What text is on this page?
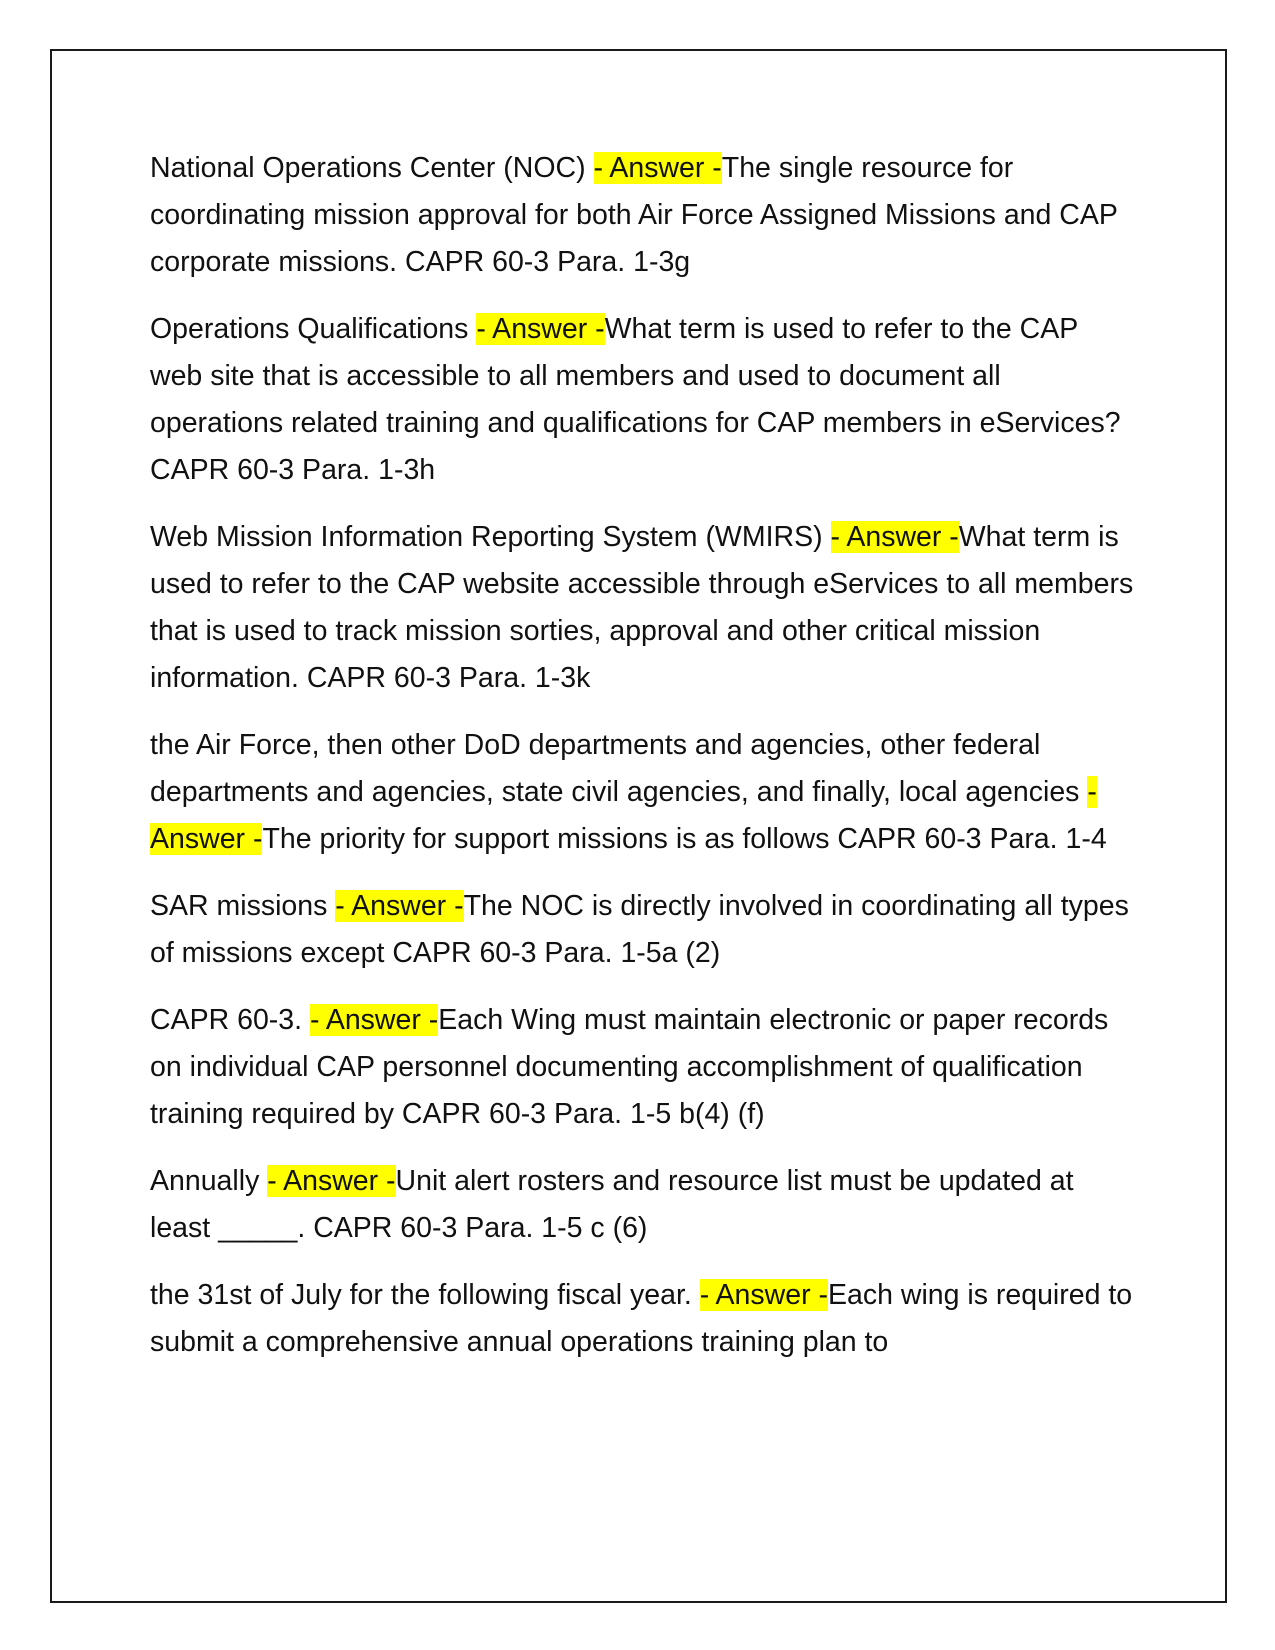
National Operations Center (NOC) - Answer -The single resource for coordinating mission approval for both Air Force Assigned Missions and CAP corporate missions. CAPR 60-3 Para. 1-3g

Operations Qualifications - Answer -What term is used to refer to the CAP web site that is accessible to all members and used to document all operations related training and qualifications for CAP members in eServices? CAPR 60-3 Para. 1-3h

Web Mission Information Reporting System (WMIRS) - Answer -What term is used to refer to the CAP website accessible through eServices to all members that is used to track mission sorties, approval and other critical mission information. CAPR 60-3 Para. 1-3k

the Air Force, then other DoD departments and agencies, other federal departments and agencies, state civil agencies, and finally, local agencies - Answer -The priority for support missions is as follows CAPR 60-3 Para. 1-4

SAR missions - Answer -The NOC is directly involved in coordinating all types of missions except CAPR 60-3 Para. 1-5a (2)

CAPR 60-3. - Answer -Each Wing must maintain electronic or paper records on individual CAP personnel documenting accomplishment of qualification training required by CAPR 60-3 Para. 1-5 b(4) (f)

Annually - Answer -Unit alert rosters and resource list must be updated at least _____. CAPR 60-3 Para. 1-5 c (6)

the 31st of July for the following fiscal year. - Answer -Each wing is required to submit a comprehensive annual operations training plan to
